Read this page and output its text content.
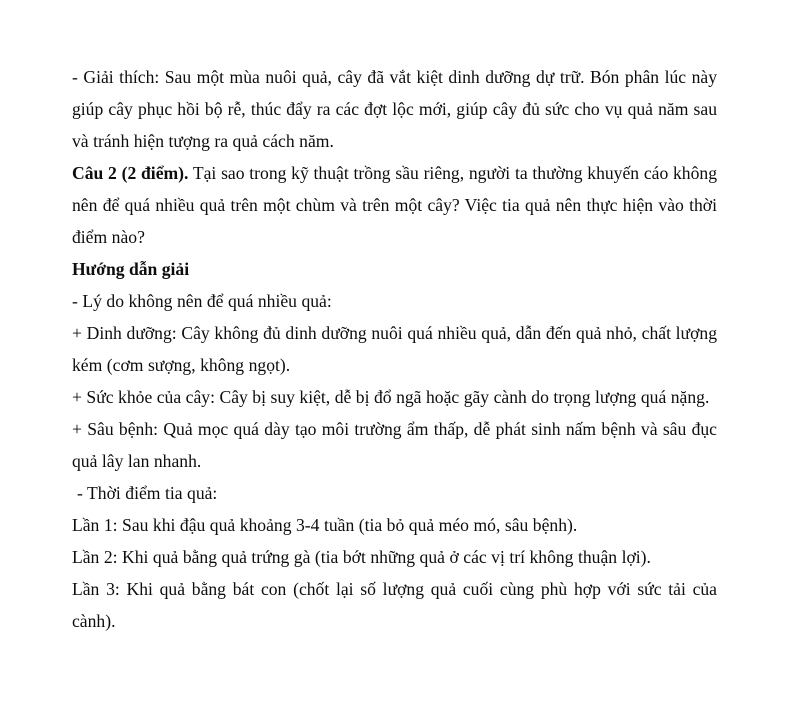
- Giải thích: Sau một mùa nuôi quả, cây đã vắt kiệt dinh dưỡng dự trữ. Bón phân lúc này giúp cây phục hồi bộ rễ, thúc đẩy ra các đợt lộc mới, giúp cây đủ sức cho vụ quả năm sau và tránh hiện tượng ra quả cách năm.

Câu 2 (2 điểm). Tại sao trong kỹ thuật trồng sầu riêng, người ta thường khuyến cáo không nên để quá nhiều quả trên một chùm và trên một cây? Việc tia quả nên thực hiện vào thời điểm nào?

Hướng dẫn giải

- Lý do không nên để quá nhiều quả:

+ Dinh dưỡng: Cây không đủ dinh dưỡng nuôi quá nhiều quả, dẫn đến quả nhỏ, chất lượng kém (cơm sượng, không ngọt).

+ Sức khỏe của cây: Cây bị suy kiệt, dễ bị đổ ngã hoặc gãy cành do trọng lượng quá nặng.

+ Sâu bệnh: Quả mọc quá dày tạo môi trường ẩm thấp, dễ phát sinh nấm bệnh và sâu đục quả lây lan nhanh.

- Thời điểm tia quả:

Lần 1: Sau khi đậu quả khoảng 3-4 tuần (tia bỏ quả méo mó, sâu bệnh).

Lần 2: Khi quả bằng quả trứng gà (tia bớt những quả ở các vị trí không thuận lợi).

Lần 3: Khi quả bằng bát con (chốt lại số lượng quả cuối cùng phù hợp với sức tải của cành).
